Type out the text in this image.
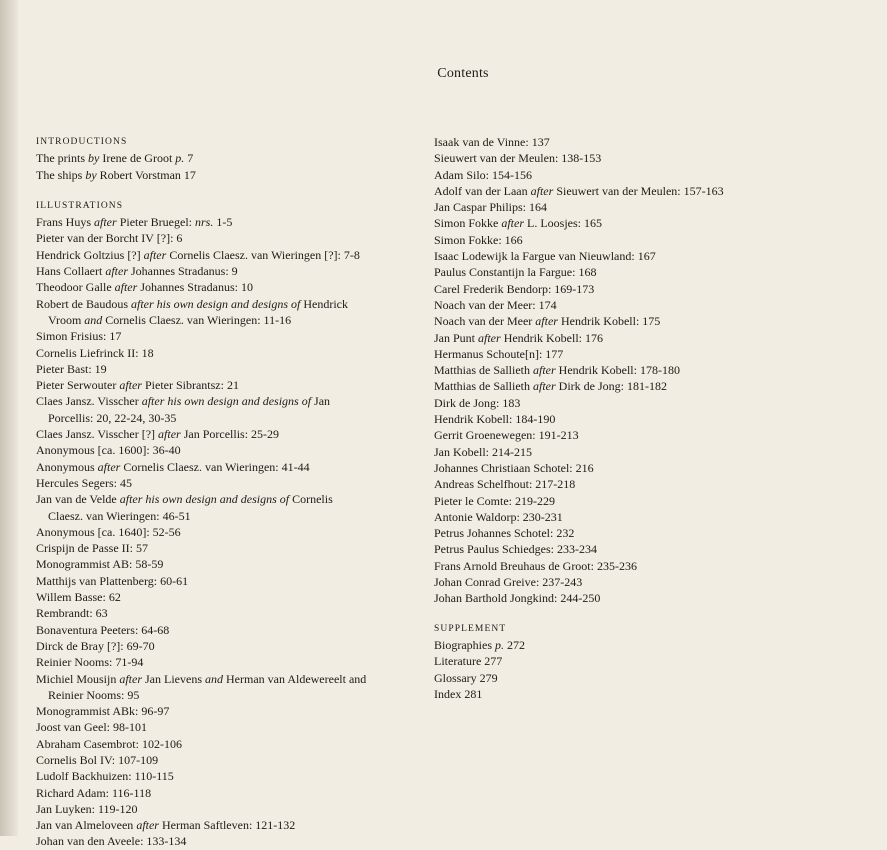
Contents
INTRODUCTIONS
The prints by Irene de Groot p. 7
The ships by Robert Vorstman 17
ILLUSTRATIONS
Frans Huys after Pieter Bruegel: nrs. 1-5
Pieter van der Borcht IV [?]: 6
Hendrick Goltzius [?] after Cornelis Claesz. van Wieringen [?]: 7-8
Hans Collaert after Johannes Stradanus: 9
Theodoor Galle after Johannes Stradanus: 10
Robert de Baudous after his own design and designs of Hendrick
Vroom and Cornelis Claesz. van Wieringen: 11-16
Simon Frisius: 17
Cornelis Liefrinck II: 18
Pieter Bast: 19
Pieter Serwouter after Pieter Sibrantsz: 21
Claes Jansz. Visscher after his own design and designs of Jan
Porcellis: 20, 22-24, 30-35
Claes Jansz. Visscher [?] after Jan Porcellis: 25-29
Anonymous [ca. 1600]: 36-40
Anonymous after Cornelis Claesz. van Wieringen: 41-44
Hercules Segers: 45
Jan van de Velde after his own design and designs of Cornelis
Claesz. van Wieringen: 46-51
Anonymous [ca. 1640]: 52-56
Crispijn de Passe II: 57
Monogrammist AB: 58-59
Matthijs van Plattenberg: 60-61
Willem Basse: 62
Rembrandt: 63
Bonaventura Peeters: 64-68
Dirck de Bray [?]: 69-70
Reinier Nooms: 71-94
Michiel Mousijn after Jan Lievens and Herman van Aldewereelt and
Reinier Nooms: 95
Monogrammist ABk: 96-97
Joost van Geel: 98-101
Abraham Casembrot: 102-106
Cornelis Bol IV: 107-109
Ludolf Backhuizen: 110-115
Richard Adam: 116-118
Jan Luyken: 119-120
Jan van Almeloveen after Herman Saftleven: 121-132
Johan van den Aveele: 133-134
Isaak van de Vinne: 137
Sieuwert van der Meulen: 138-153
Adam Silo: 154-156
Adolf van der Laan after Sieuwert van der Meulen: 157-163
Jan Caspar Philips: 164
Simon Fokke after L. Loosjes: 165
Simon Fokke: 166
Isaac Lodewijk la Fargue van Nieuwland: 167
Paulus Constantijn la Fargue: 168
Carel Frederik Bendorp: 169-173
Noach van der Meer: 174
Noach van der Meer after Hendrik Kobell: 175
Jan Punt after Hendrik Kobell: 176
Hermanus Schoute[n]: 177
Matthias de Sallieth after Hendrik Kobell: 178-180
Matthias de Sallieth after Dirk de Jong: 181-182
Dirk de Jong: 183
Hendrik Kobell: 184-190
Gerrit Groenewegen: 191-213
Jan Kobell: 214-215
Johannes Christiaan Schotel: 216
Andreas Schelfhout: 217-218
Pieter le Comte: 219-229
Antonie Waldorp: 230-231
Petrus Johannes Schotel: 232
Petrus Paulus Schiedges: 233-234
Frans Arnold Breuhaus de Groot: 235-236
Johan Conrad Greive: 237-243
Johan Barthold Jongkind: 244-250
SUPPLEMENT
Biographies p. 272
Literature 277
Glossary 279
Index 281
